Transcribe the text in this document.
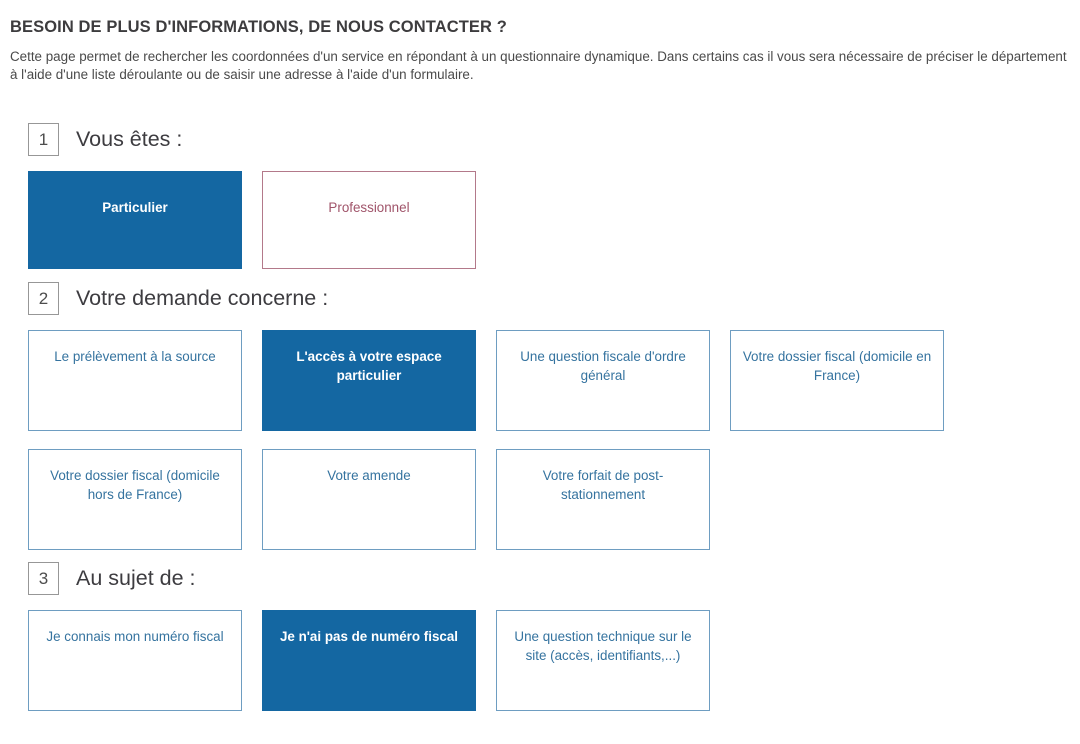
BESOIN DE PLUS D'INFORMATIONS, DE NOUS CONTACTER ?

Cette page permet de rechercher les coordonnées d'un service en répondant à un questionnaire dynamique. Dans certains cas il vous sera nécessaire de préciser le département à l'aide d'une liste déroulante ou de saisir une adresse à l'aide d'un formulaire.

1	Vous êtes :
Particulier	Professionnel
2	Votre demande concerne :
Le prélèvement à la source	L'accès à votre espace particulier
Une question fiscale d'ordre général
Votre dossier fiscal (domicile en France)
Votre dossier fiscal (domicile hors de France)
Votre amende	Votre forfait de post-stationnement
3	Au sujet de :
Je connais mon numéro fiscal	Je n'ai pas de numéro fiscal	Une question technique sur le site (accès, identifiants,...)
